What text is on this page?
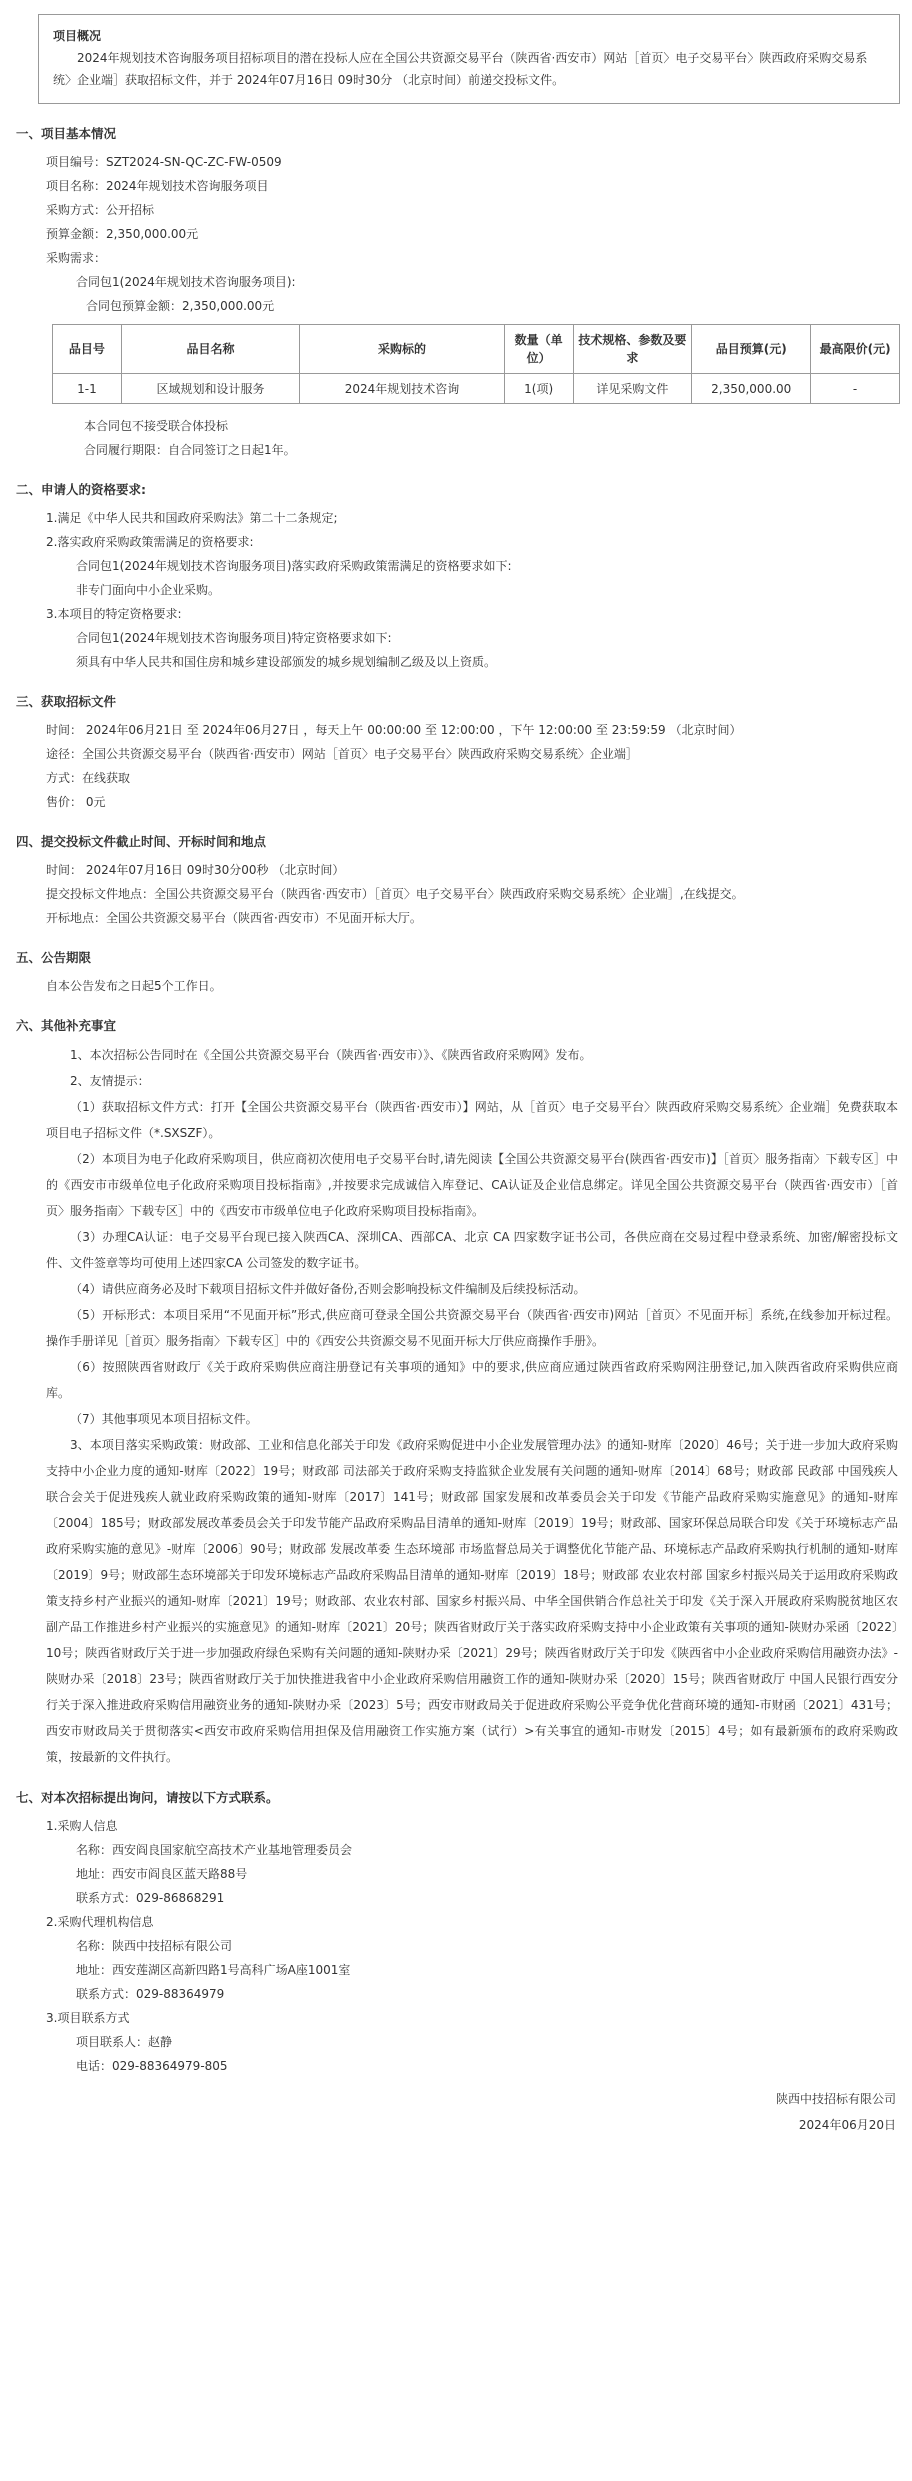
项目概况
2024年规划技术咨询服务项目招标项目的潜在投标人应在全国公共资源交易平台（陕西省·西安市）网站［首页〉电子交易平台〉陕西政府采购交易系统〉企业端］获取招标文件，并于 2024年07月16日 09时30分 （北京时间）前递交投标文件。
一、项目基本情况
项目编号：SZT2024-SN-QC-ZC-FW-0509
项目名称：2024年规划技术咨询服务项目
采购方式：公开招标
预算金额：2,350,000.00元
采购需求：
合同包1(2024年规划技术咨询服务项目):
合同包预算金额：2,350,000.00元
品目号	品目名称	采购标的	数量（单位）	技术规格、参数及要求	品目预算(元)	最高限价(元)
1-1	区域规划和设计服务	2024年规划技术咨询	1(项)	详见采购文件	2,350,000.00	-
本合同包不接受联合体投标
合同履行期限：自合同签订之日起1年。
二、申请人的资格要求:
1.满足《中华人民共和国政府采购法》第二十二条规定;
2.落实政府采购政策需满足的资格要求:
合同包1(2024年规划技术咨询服务项目)落实政府采购政策需满足的资格要求如下:
非专门面向中小企业采购。
3.本项目的特定资格要求:
合同包1(2024年规划技术咨询服务项目)特定资格要求如下:
须具有中华人民共和国住房和城乡建设部颁发的城乡规划编制乙级及以上资质。
三、获取招标文件
时间： 2024年06月21日 至 2024年06月27日 ，每天上午 00:00:00 至 12:00:00 ，下午 12:00:00 至 23:59:59 （北京时间）
途径：全国公共资源交易平台（陕西省·西安市）网站［首页〉电子交易平台〉陕西政府采购交易系统〉企业端］
方式：在线获取
售价： 0元
四、提交投标文件截止时间、开标时间和地点
时间： 2024年07月16日 09时30分00秒 （北京时间）
提交投标文件地点：全国公共资源交易平台（陕西省·西安市）［首页〉电子交易平台〉陕西政府采购交易系统〉企业端］,在线提交。
开标地点：全国公共资源交易平台（陕西省·西安市）不见面开标大厅。
五、公告期限
自本公告发布之日起5个工作日。
六、其他补充事宜
1、本次招标公告同时在《全国公共资源交易平台（陕西省·西安市）》、《陕西省政府采购网》发布。
2、友情提示：
（1）获取招标文件方式：打开【全国公共资源交易平台（陕西省·西安市）】网站，从［首页〉电子交易平台〉陕西政府采购交易系统〉企业端］免费获取本项目电子招标文件（*.SXSZF）。
（2）本项目为电子化政府采购项目，供应商初次使用电子交易平台时,请先阅读【全国公共资源交易平台(陕西省·西安市)】［首页〉服务指南〉下载专区］中的《西安市市级单位电子化政府采购项目投标指南》,并按要求完成诚信入库登记、CA认证及企业信息绑定。详见全国公共资源交易平台（陕西省·西安市）［首页〉服务指南〉下载专区］中的《西安市市级单位电子化政府采购项目投标指南》。
（3）办理CA认证：电子交易平台现已接入陕西CA、深圳CA、西部CA、北京 CA 四家数字证书公司，各供应商在交易过程中登录系统、加密/解密投标文件、文件签章等均可使用上述四家CA 公司签发的数字证书。
（4）请供应商务必及时下载项目招标文件并做好备份,否则会影响投标文件编制及后续投标活动。
（5）开标形式：本项目采用“不见面开标”形式,供应商可登录全国公共资源交易平台（陕西省·西安市)网站［首页〉不见面开标］系统,在线参加开标过程。操作手册详见［首页〉服务指南〉下载专区］中的《西安公共资源交易不见面开标大厅供应商操作手册》。
（6）按照陕西省财政厅《关于政府采购供应商注册登记有关事项的通知》中的要求,供应商应通过陕西省政府采购网注册登记,加入陕西省政府采购供应商库。
（7）其他事项见本项目招标文件。
3、本项目落实采购政策：财政部、工业和信息化部关于印发《政府采购促进中小企业发展管理办法》的通知-财库〔2020〕46号；关于进一步加大政府采购支持中小企业力度的通知-财库〔2022〕19号；财政部 司法部关于政府采购支持监狱企业发展有关问题的通知-财库〔2014〕68号；财政部 民政部 中国残疾人联合会关于促进残疾人就业政府采购政策的通知-财库〔2017〕141号；财政部 国家发展和改革委员会关于印发《节能产品政府采购实施意见》的通知-财库〔2004〕185号；财政部发展改革委员会关于印发节能产品政府采购品目清单的通知-财库〔2019〕19号；财政部、国家环保总局联合印发《关于环境标志产品政府采购实施的意见》-财库〔2006〕90号；财政部 发展改革委 生态环境部 市场监督总局关于调整优化节能产品、环境标志产品政府采购执行机制的通知-财库〔2019〕9号；财政部生态环境部关于印发环境标志产品政府采购品目清单的通知-财库〔2019〕18号；财政部 农业农村部 国家乡村振兴局关于运用政府采购政策支持乡村产业振兴的通知-财库〔2021〕19号；财政部、农业农村部、国家乡村振兴局、中华全国供销合作总社关于印发《关于深入开展政府采购脱贫地区农副产品工作推进乡村产业振兴的实施意见》的通知-财库〔2021〕20号；陕西省财政厅关于落实政府采购支持中小企业政策有关事项的通知-陕财办采函〔2022〕10号；陕西省财政厅关于进一步加强政府绿色采购有关问题的通知-陕财办采〔2021〕29号；陕西省财政厅关于印发《陕西省中小企业政府采购信用融资办法》-陕财办采〔2018〕23号；陕西省财政厅关于加快推进我省中小企业政府采购信用融资工作的通知-陕财办采〔2020〕15号；陕西省财政厅 中国人民银行西安分行关于深入推进政府采购信用融资业务的通知-陕财办采〔2023〕5号；西安市财政局关于促进政府采购公平竞争优化营商环境的通知-市财函〔2021〕431号；西安市财政局关于贯彻落实<西安市政府采购信用担保及信用融资工作实施方案（试行）>有关事宜的通知-市财发〔2015〕4号；如有最新颁布的政府采购政策，按最新的文件执行。
七、对本次招标提出询问，请按以下方式联系。
1.采购人信息
名称：西安阎良国家航空高技术产业基地管理委员会
地址：西安市阎良区蓝天路88号
联系方式：029-86868291
2.采购代理机构信息
名称：陕西中技招标有限公司
地址：西安莲湖区高新四路1号高科广场A座1001室
联系方式：029-88364979
3.项目联系方式
项目联系人：赵静
电话：029-88364979-805
陕西中技招标有限公司
2024年06月20日
